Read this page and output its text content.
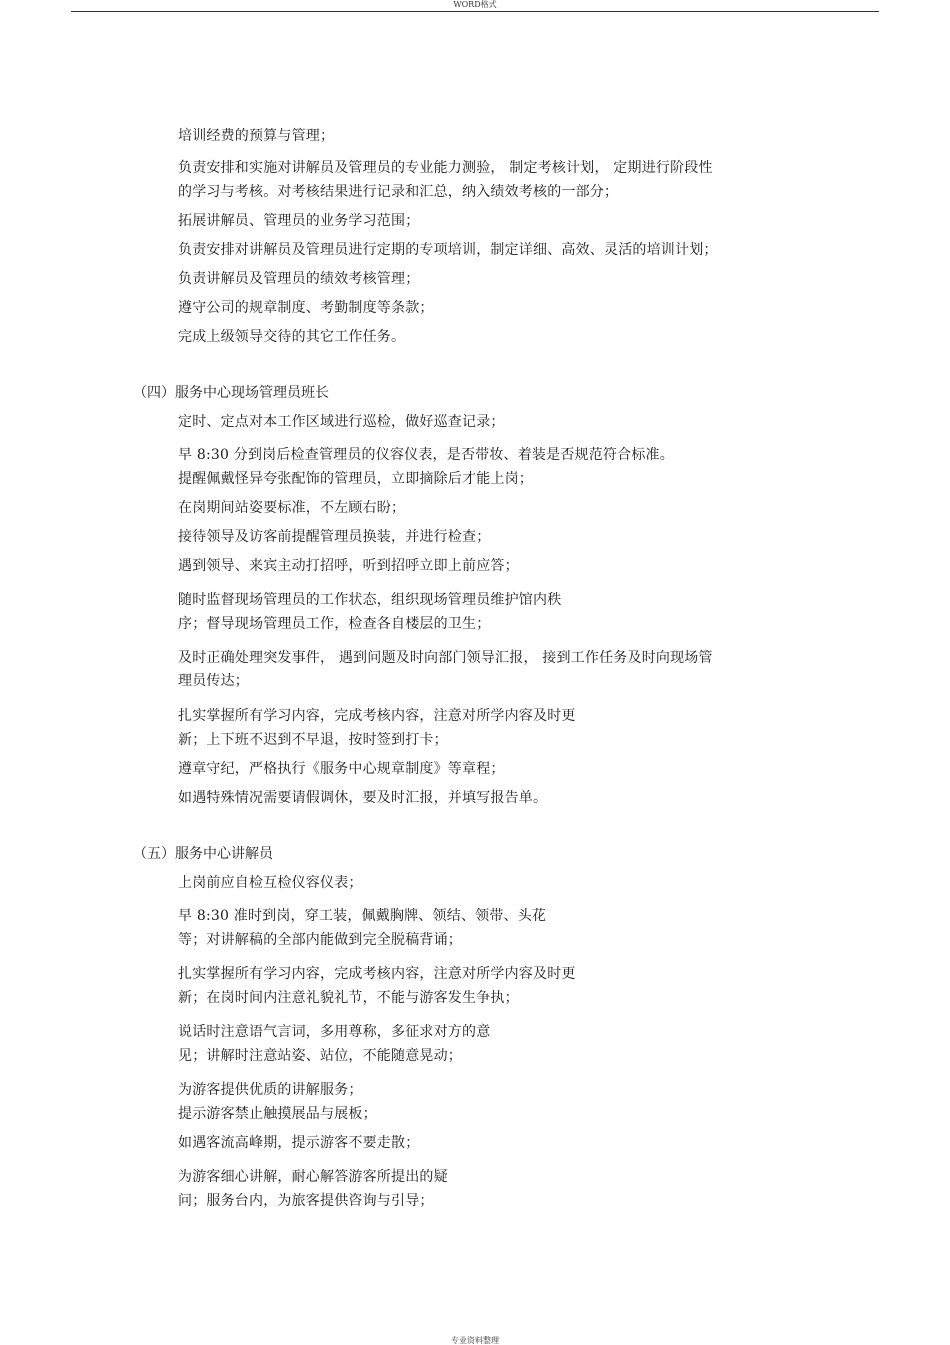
WORD格式
培训经费的预算与管理；
负责安排和实施对讲解员及管理员的专业能力测验， 制定考核计划， 定期进行阶段性
的学习与考核。对考核结果进行记录和汇总，纳入绩效考核的一部分；
拓展讲解员、管理员的业务学习范围；
负责安排对讲解员及管理员进行定期的专项培训，制定详细、高效、灵活的培训计划；
负责讲解员及管理员的绩效考核管理；
遵守公司的规章制度、考勤制度等条款；
完成上级领导交待的其它工作任务。
（四）服务中心现场管理员班长
定时、定点对本工作区域进行巡检，做好巡查记录；
早 8:30 分到岗后检查管理员的仪容仪表，是否带妆、着装是否规范符合标准。
提醒佩戴怪异夸张配饰的管理员，立即摘除后才能上岗；
在岗期间站姿要标准，不左顾右盼；
接待领导及访客前提醒管理员换装，并进行检查；
遇到领导、来宾主动打招呼，听到招呼立即上前应答；
随时监督现场管理员的工作状态，组织现场管理员维护馆内秩
序；督导现场管理员工作，检查各自楼层的卫生；
及时正确处理突发事件， 遇到问题及时向部门领导汇报， 接到工作任务及时向现场管
理员传达；
扎实掌握所有学习内容，完成考核内容，注意对所学内容及时更
新；上下班不迟到不早退，按时签到打卡；
遵章守纪，严格执行《服务中心规章制度》等章程；
如遇特殊情况需要请假调休，要及时汇报，并填写报告单。
（五）服务中心讲解员
上岗前应自检互检仪容仪表；
早 8:30 准时到岗，穿工装，佩戴胸牌、领结、领带、头花
等；对讲解稿的全部内能做到完全脱稿背诵；
扎实掌握所有学习内容，完成考核内容，注意对所学内容及时更
新；在岗时间内注意礼貌礼节，不能与游客发生争执；
说话时注意语气言词，多用尊称，多征求对方的意
见；讲解时注意站姿、站位，不能随意晃动；
为游客提供优质的讲解服务；
提示游客禁止触摸展品与展板；
如遇客流高峰期，提示游客不要走散；
为游客细心讲解，耐心解答游客所提出的疑
问；服务台内，为旅客提供咨询与引导；
专业资料整理
